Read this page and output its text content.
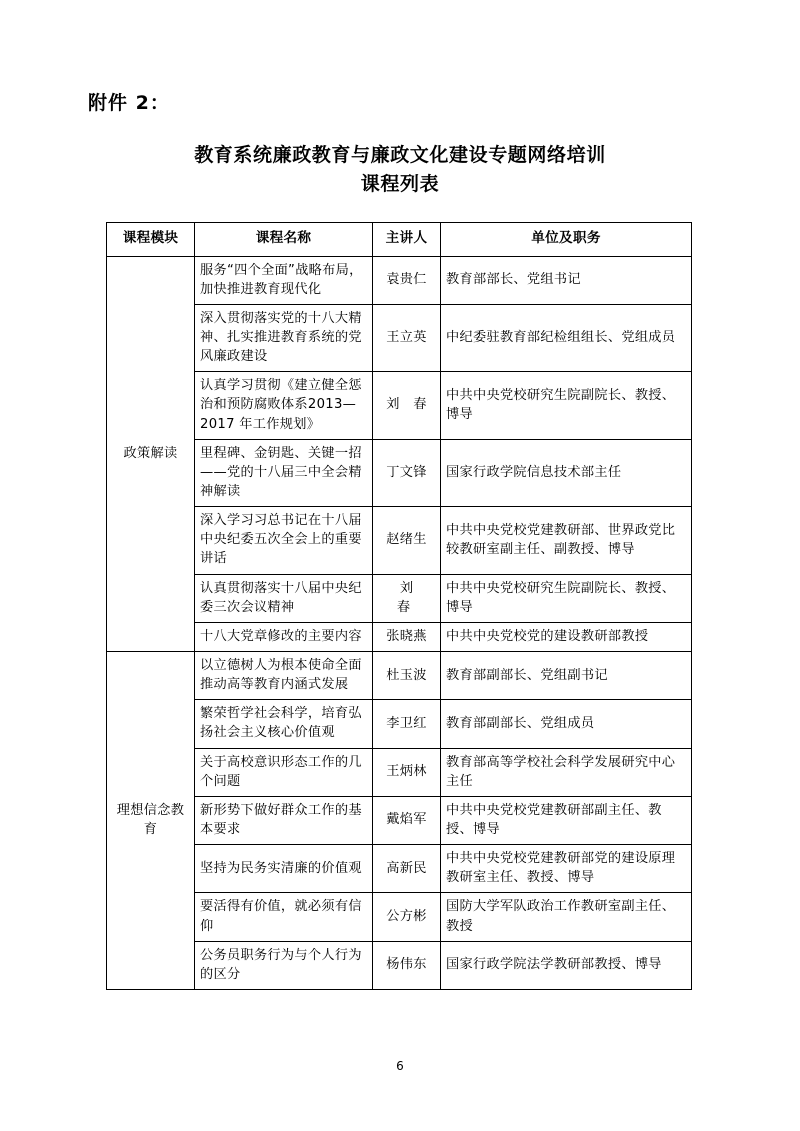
附件 2：
教育系统廉政教育与廉政文化建设专题网络培训
课程列表
课程模块	课程名称	主讲人	单位及职务
政策解读	服务“四个全面”战略布局，加快推进教育现代化	袁贵仁	教育部部长、党组书记
	深入贯彻落实党的十八大精神、扎实推进教育系统的党风廉政建设	王立英	中纪委驻教育部纪检组组长、党组成员
	认真学习贯彻《建立健全惩治和预防腐败体系2013—2017 年工作规划》	刘　春	中共中央党校研究生院副院长、教授、博导
	里程碑、金钥匙、关键一招——党的十八届三中全会精神解读	丁文锋	国家行政学院信息技术部主任
	深入学习习总书记在十八届中央纪委五次全会上的重要讲话	赵绪生	中共中央党校党建教研部、世界政党比较教研室副主任、副教授、博导
	认真贯彻落实十八届中央纪委三次会议精神	刘　春	中共中央党校研究生院副院长、教授、博导
	十八大党章修改的主要内容	张晓燕	中共中央党校党的建设教研部教授
理想信念教育	以立德树人为根本使命全面推动高等教育内涵式发展	杜玉波	教育部副部长、党组副书记
	繁荣哲学社会科学，培育弘扬社会主义核心价值观	李卫红	教育部副部长、党组成员
	关于高校意识形态工作的几个问题	王炳林	教育部高等学校社会科学发展研究中心主任
	新形势下做好群众工作的基本要求	戴焰军	中共中央党校党建教研部副主任、教授、博导
	坚持为民务实清廉的价值观	高新民	中共中央党校党建教研部党的建设原理教研室主任、教授、博导
	要活得有价值，就必须有信仰	公方彬	国防大学军队政治工作教研室副主任、教授
	公务员职务行为与个人行为的区分	杨伟东	国家行政学院法学教研部教授、博导
6
